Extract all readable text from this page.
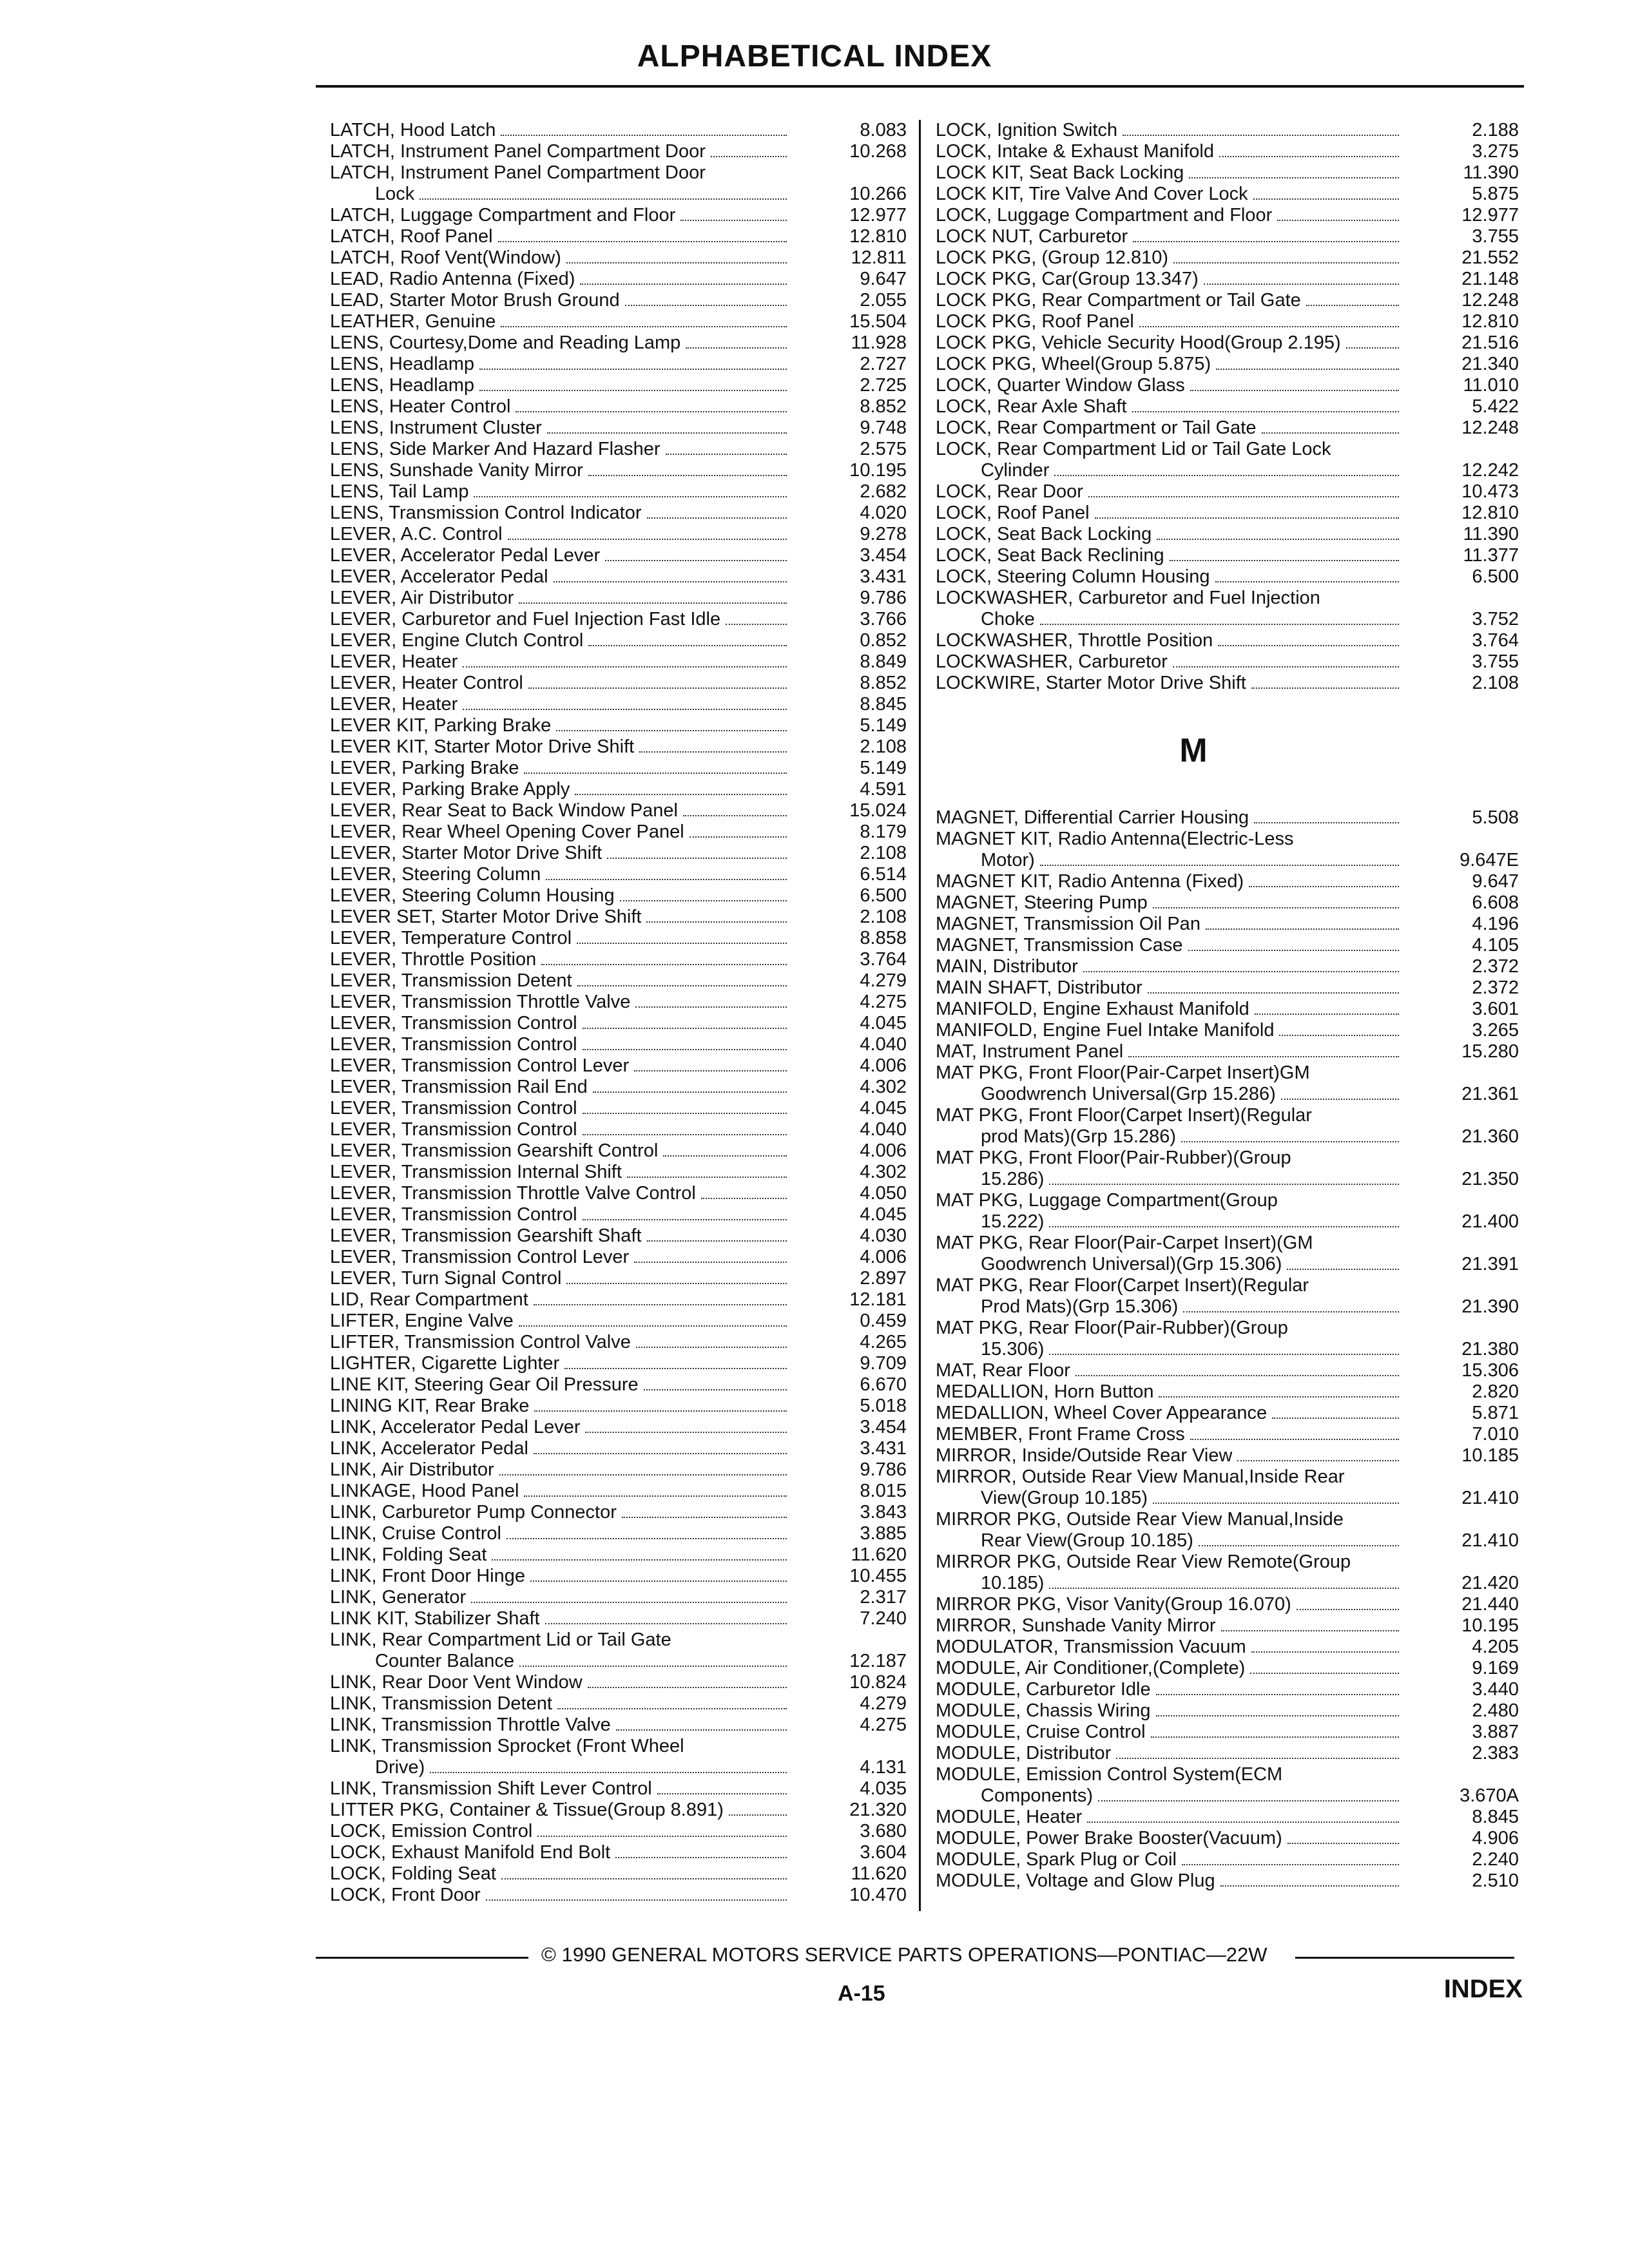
ALPHABETICAL INDEX
LATCH, Hood Latch	8.083
LATCH, Instrument Panel Compartment Door	10.268
LATCH, Instrument Panel Compartment Door
Lock	10.266
LATCH, Luggage Compartment and Floor	12.977
LATCH, Roof Panel	12.810
LATCH, Roof Vent(Window)	12.811
LEAD, Radio Antenna (Fixed)	9.647
LEAD, Starter Motor Brush Ground	2.055
LEATHER, Genuine	15.504
LENS, Courtesy,Dome and Reading Lamp	11.928
LENS, Headlamp	2.727
LENS, Headlamp	2.725
LENS, Heater Control	8.852
LENS, Instrument Cluster	9.748
LENS, Side Marker And Hazard Flasher	2.575
LENS, Sunshade Vanity Mirror	10.195
LENS, Tail Lamp	2.682
LENS, Transmission Control Indicator	4.020
LEVER, A.C. Control	9.278
LEVER, Accelerator Pedal Lever	3.454
LEVER, Accelerator Pedal	3.431
LEVER, Air Distributor	9.786
LEVER, Carburetor and Fuel Injection Fast Idle	3.766
LEVER, Engine Clutch Control	0.852
LEVER, Heater	8.849
LEVER, Heater Control	8.852
LEVER, Heater	8.845
LEVER KIT, Parking Brake	5.149
LEVER KIT, Starter Motor Drive Shift	2.108
LEVER, Parking Brake	5.149
LEVER, Parking Brake Apply	4.591
LEVER, Rear Seat to Back Window Panel	15.024
LEVER, Rear Wheel Opening Cover Panel	8.179
LEVER, Starter Motor Drive Shift	2.108
LEVER, Steering Column	6.514
LEVER, Steering Column Housing	6.500
LEVER SET, Starter Motor Drive Shift	2.108
LEVER, Temperature Control	8.858
LEVER, Throttle Position	3.764
LEVER, Transmission Detent	4.279
LEVER, Transmission Throttle Valve	4.275
LEVER, Transmission Control	4.045
LEVER, Transmission Control	4.040
LEVER, Transmission Control Lever	4.006
LEVER, Transmission Rail End	4.302
LEVER, Transmission Control	4.045
LEVER, Transmission Control	4.040
LEVER, Transmission Gearshift Control	4.006
LEVER, Transmission Internal Shift	4.302
LEVER, Transmission Throttle Valve Control	4.050
LEVER, Transmission Control	4.045
LEVER, Transmission Gearshift Shaft	4.030
LEVER, Transmission Control Lever	4.006
LEVER, Turn Signal Control	2.897
LID, Rear Compartment	12.181
LIFTER, Engine Valve	0.459
LIFTER, Transmission Control Valve	4.265
LIGHTER, Cigarette Lighter	9.709
LINE KIT, Steering Gear Oil Pressure	6.670
LINING KIT, Rear Brake	5.018
LINK, Accelerator Pedal Lever	3.454
LINK, Accelerator Pedal	3.431
LINK, Air Distributor	9.786
LINKAGE, Hood Panel	8.015
LINK, Carburetor Pump Connector	3.843
LINK, Cruise Control	3.885
LINK, Folding Seat	11.620
LINK, Front Door Hinge	10.455
LINK, Generator	2.317
LINK KIT, Stabilizer Shaft	7.240
LINK, Rear Compartment Lid or Tail Gate
Counter Balance	12.187
LINK, Rear Door Vent Window	10.824
LINK, Transmission Detent	4.279
LINK, Transmission Throttle Valve	4.275
LINK, Transmission Sprocket (Front Wheel
Drive)	4.131
LINK, Transmission Shift Lever Control	4.035
LITTER PKG, Container & Tissue(Group 8.891)	21.320
LOCK, Emission Control	3.680
LOCK, Exhaust Manifold End Bolt	3.604
LOCK, Folding Seat	11.620
LOCK, Front Door	10.470
LOCK, Ignition Switch	2.188
LOCK, Intake & Exhaust Manifold	3.275
LOCK KIT, Seat Back Locking	11.390
LOCK KIT, Tire Valve And Cover Lock	5.875
LOCK, Luggage Compartment and Floor	12.977
LOCK NUT, Carburetor	3.755
LOCK PKG, (Group 12.810)	21.552
LOCK PKG, Car(Group 13.347)	21.148
LOCK PKG, Rear Compartment or Tail Gate	12.248
LOCK PKG, Roof Panel	12.810
LOCK PKG, Vehicle Security Hood(Group 2.195)	21.516
LOCK PKG, Wheel(Group 5.875)	21.340
LOCK, Quarter Window Glass	11.010
LOCK, Rear Axle Shaft	5.422
LOCK, Rear Compartment or Tail Gate	12.248
LOCK, Rear Compartment Lid or Tail Gate Lock
Cylinder	12.242
LOCK, Rear Door	10.473
LOCK, Roof Panel	12.810
LOCK, Seat Back Locking	11.390
LOCK, Seat Back Reclining	11.377
LOCK, Steering Column Housing	6.500
LOCKWASHER, Carburetor and Fuel Injection
Choke	3.752
LOCKWASHER, Throttle Position	3.764
LOCKWASHER, Carburetor	3.755
LOCKWIRE, Starter Motor Drive Shift	2.108
M
MAGNET, Differential Carrier Housing	5.508
MAGNET KIT, Radio Antenna(Electric-Less
Motor)	9.647E
MAGNET KIT, Radio Antenna (Fixed)	9.647
MAGNET, Steering Pump	6.608
MAGNET, Transmission Oil Pan	4.196
MAGNET, Transmission Case	4.105
MAIN, Distributor	2.372
MAIN SHAFT, Distributor	2.372
MANIFOLD, Engine Exhaust Manifold	3.601
MANIFOLD, Engine Fuel Intake Manifold	3.265
MAT, Instrument Panel	15.280
MAT PKG, Front Floor(Pair-Carpet Insert)GM
Goodwrench Universal(Grp 15.286)	21.361
MAT PKG, Front Floor(Carpet Insert)(Regular
prod Mats)(Grp 15.286)	21.360
MAT PKG, Front Floor(Pair-Rubber)(Group
15.286)	21.350
MAT PKG, Luggage Compartment(Group
15.222)	21.400
MAT PKG, Rear Floor(Pair-Carpet Insert)(GM
Goodwrench Universal)(Grp 15.306)	21.391
MAT PKG, Rear Floor(Carpet Insert)(Regular
Prod Mats)(Grp 15.306)	21.390
MAT PKG, Rear Floor(Pair-Rubber)(Group
15.306)	21.380
MAT, Rear Floor	15.306
MEDALLION, Horn Button	2.820
MEDALLION, Wheel Cover Appearance	5.871
MEMBER, Front Frame Cross	7.010
MIRROR, Inside/Outside Rear View	10.185
MIRROR, Outside Rear View Manual,Inside Rear
View(Group 10.185)	21.410
MIRROR PKG, Outside Rear View Manual,Inside
Rear View(Group 10.185)	21.410
MIRROR PKG, Outside Rear View Remote(Group
10.185)	21.420
MIRROR PKG, Visor Vanity(Group 16.070)	21.440
MIRROR, Sunshade Vanity Mirror	10.195
MODULATOR, Transmission Vacuum	4.205
MODULE, Air Conditioner,(Complete)	9.169
MODULE, Carburetor Idle	3.440
MODULE, Chassis Wiring	2.480
MODULE, Cruise Control	3.887
MODULE, Distributor	2.383
MODULE, Emission Control System(ECM
Components)	3.670A
MODULE, Heater	8.845
MODULE, Power Brake Booster(Vacuum)	4.906
MODULE, Spark Plug or Coil	2.240
MODULE, Voltage and Glow Plug	2.510
© 1990 GENERAL MOTORS SERVICE PARTS OPERATIONS—PONTIAC—22W
A-15	INDEX
